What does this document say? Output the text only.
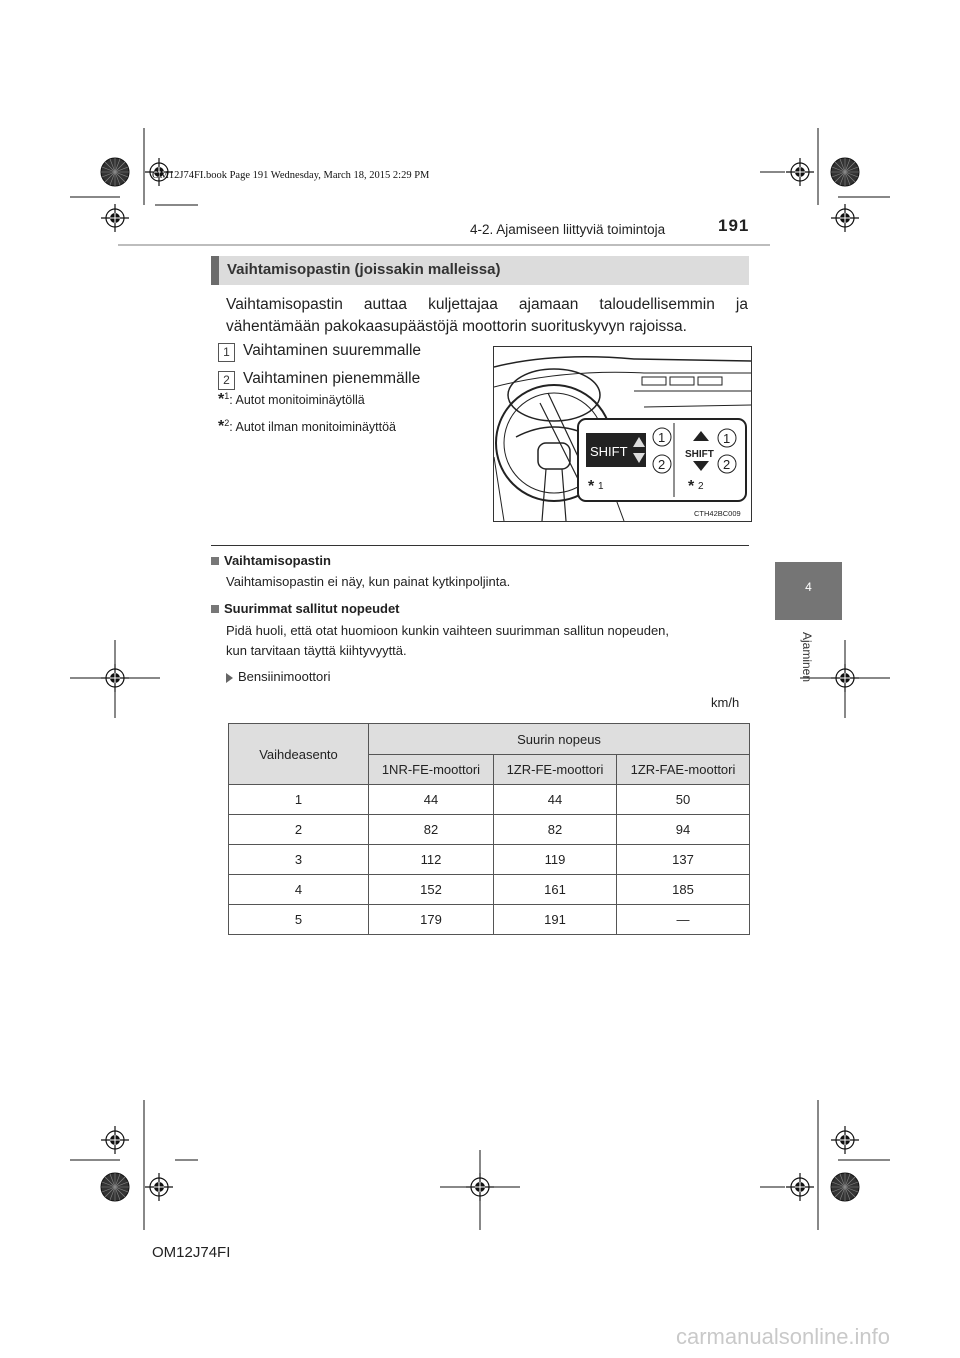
OM12J74FI.book Page 191 Wednesday, March 18, 2015 2:29 PM
4-2. Ajamiseen liittyviä toimintoja	191
4
Ajaminen
Vaihtamisopastin (joissakin malleissa)
Vaihtamisopastin auttaa kuljettajaa ajamaan taloudellisemmin ja
vähentämään pakokaasupäästöjä moottorin suorituskyvyn rajoissa.
1 Vaihtaminen suuremmalle
2 Vaihtaminen pienemmälle
*$^1$: Autot monitoiminäytöllä
*$^2$: Autot ilman monitoiminäyttöä
SHIFT
1
2
SHIFT
1
2
* 1	* 2
CTH42BC009
Vaihtamisopastin
Vaihtamisopastin ei näy, kun painat kytkinpoljinta.
Suurimmat sallitut nopeudet
Pidä huoli, että otat huomioon kunkin vaihteen suurimman sallitun nopeuden,
kun tarvitaan täyttä kiihtyvyyttä.
Bensiinimoottori
km/h
Vaihdeasento	Suurin nopeus		
	1NR-FE-moottori	1ZR-FE-moottori	1ZR-FAE-moottori
1	44	44	50
2	82	82	94
3	112	119	137
4	152	161	185
5	179	191	—
OM12J74FI
carmanualsonline.info
